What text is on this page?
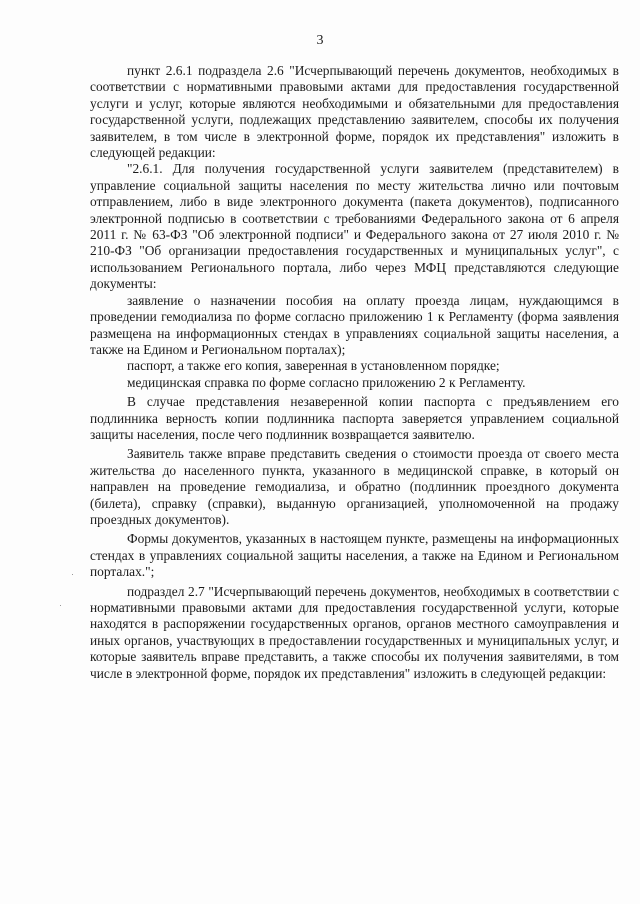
3

пункт 2.6.1 подраздела 2.6 "Исчерпывающий перечень документов, необходимых в соответствии с нормативными правовыми актами для предоставления государственной услуги и услуг, которые являются необходимыми и обязательными для предоставления государственной услуги, подлежащих представлению заявителем, способы их получения заявителем, в том числе в электронной форме, порядок их представления" изложить в следующей редакции:

"2.6.1. Для получения государственной услуги заявителем (представителем) в управление социальной защиты населения по месту жительства лично или почтовым отправлением, либо в виде электронного документа (пакета документов), подписанного электронной подписью в соответствии с требованиями Федерального закона от 6 апреля 2011 г. № 63-ФЗ "Об электронной подписи" и Федерального закона от 27 июля 2010 г. № 210-ФЗ "Об организации предоставления государственных и муниципальных услуг", с использованием Регионального портала, либо через МФЦ представляются следующие документы:

заявление о назначении пособия на оплату проезда лицам, нуждающимся в проведении гемодиализа по форме согласно приложению 1 к Регламенту (форма заявления размещена на информационных стендах в управлениях социальной защиты населения, а также на Едином и Региональном порталах);

паспорт, а также его копия, заверенная в установленном порядке;

медицинская справка по форме согласно приложению 2 к Регламенту.

В случае представления незаверенной копии паспорта с предъявлением его подлинника верность копии подлинника паспорта заверяется управлением социальной защиты населения, после чего подлинник возвращается заявителю.

Заявитель также вправе представить сведения о стоимости проезда от своего места жительства до населенного пункта, указанного в медицинской справке, в который он направлен на проведение гемодиализа, и обратно (подлинник проездного документа (билета), справку (справки), выданную организацией, уполномоченной на продажу проездных документов).

Формы документов, указанных в настоящем пункте, размещены на информационных стендах в управлениях социальной защиты населения, а также на Едином и Региональном порталах.";

подраздел 2.7 "Исчерпывающий перечень документов, необходимых в соответствии с нормативными правовыми актами для предоставления государственной услуги, которые находятся в распоряжении государственных органов, органов местного самоуправления и иных органов, участвующих в предоставлении государственных и муниципальных услуг, и которые заявитель вправе представить, а также способы их получения заявителями, в том числе в электронной форме, порядок их представления" изложить в следующей редакции:
